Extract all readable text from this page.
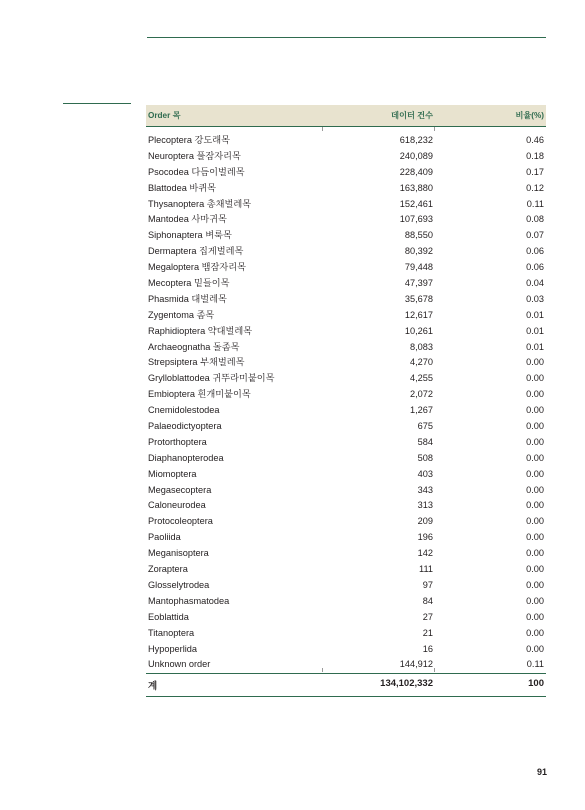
Order 목	데이터 건수	비율(%)
Plecoptera 강도래목	618,232	0.46
Neuroptera 풀잠자리목	240,089	0.18
Psocodea 다듬이벌레목	228,409	0.17
Blattodea 바퀴목	163,880	0.12
Thysanoptera 총채벌레목	152,461	0.11
Mantodea 사마귀목	107,693	0.08
Siphonaptera 벼룩목	88,550	0.07
Dermaptera 집게벌레목	80,392	0.06
Megaloptera 뱀잠자리목	79,448	0.06
Mecoptera 밑들이목	47,397	0.04
Phasmida 대벌레목	35,678	0.03
Zygentoma 좀목	12,617	0.01
Raphidioptera 약대벌레목	10,261	0.01
Archaeognatha 돌좀목	8,083	0.01
Strepsiptera 부채벌레목	4,270	0.00
Grylloblattodea 귀뚜라미붙이목	4,255	0.00
Embioptera 흰개미붙이목	2,072	0.00
Cnemidolestodea	1,267	0.00
Palaeodictyoptera	675	0.00
Protorthoptera	584	0.00
Diaphanopterodea	508	0.00
Miomoptera	403	0.00
Megasecoptera	343	0.00
Caloneurodea	313	0.00
Protocoleoptera	209	0.00
Paoliida	196	0.00
Meganisoptera	142	0.00
Zoraptera	111	0.00
Glosselytrodea	97	0.00
Mantophasmatodea	84	0.00
Eoblattida	27	0.00
Titanoptera	21	0.00
Hypoperlida	16	0.00
Unknown order	144,912	0.11
계	134,102,332	100
91
